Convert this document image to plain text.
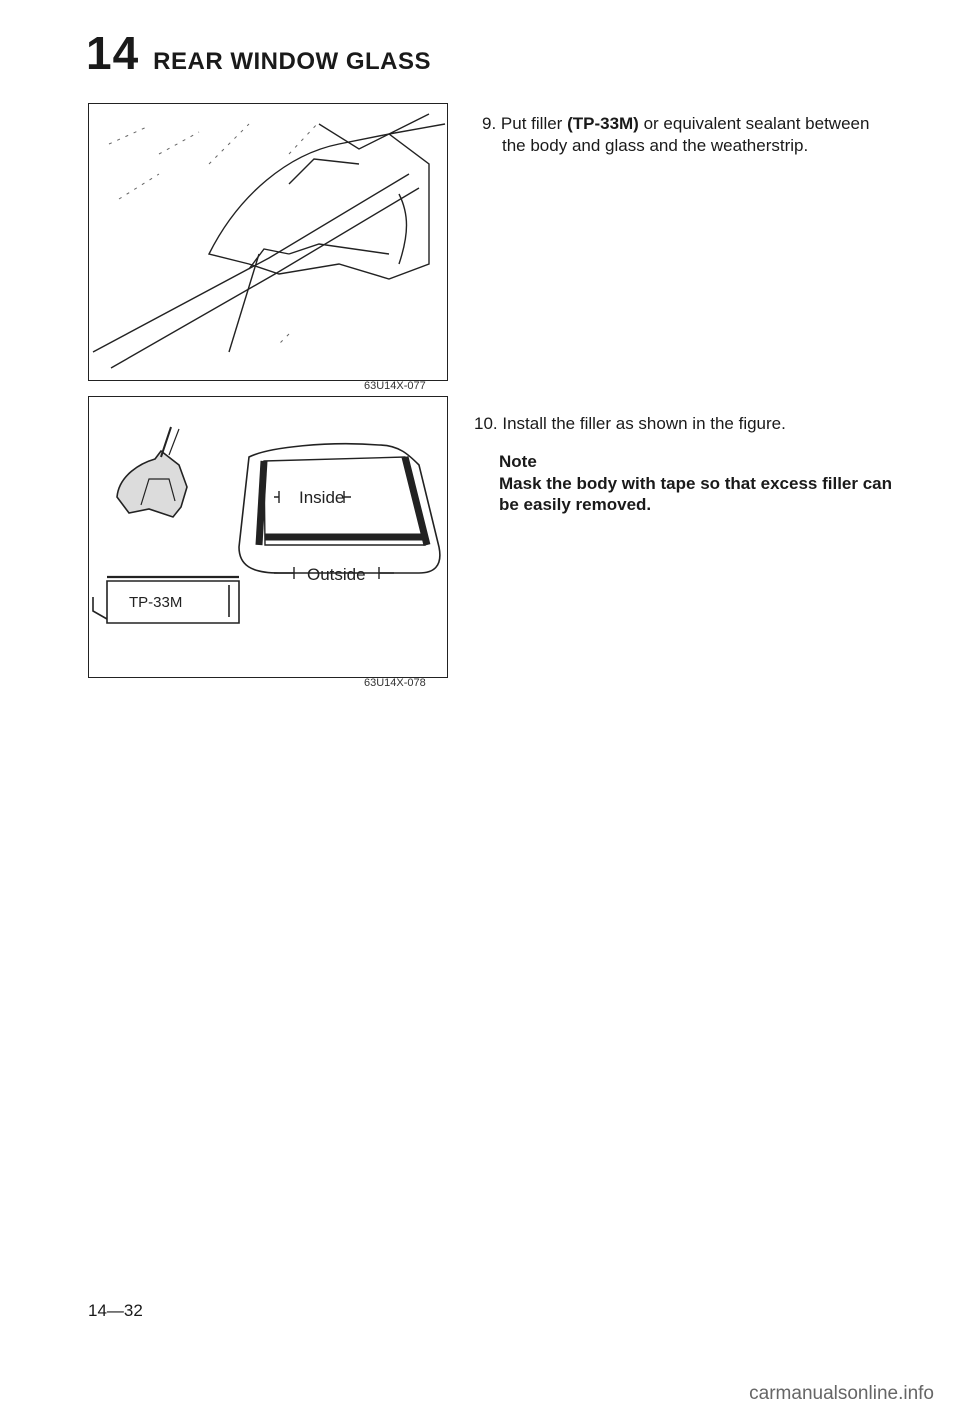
14 REAR WINDOW GLASS
63U14X-077
Inside
Outside
TP-33M
63U14X-078
9. Put filler (TP-33M) or equivalent sealant between
the body and glass and the weatherstrip.
10. Install the filler as shown in the figure.
Note
Mask the body with tape so that excess filler can be easily removed.
14—32
carmanualsonline.info
